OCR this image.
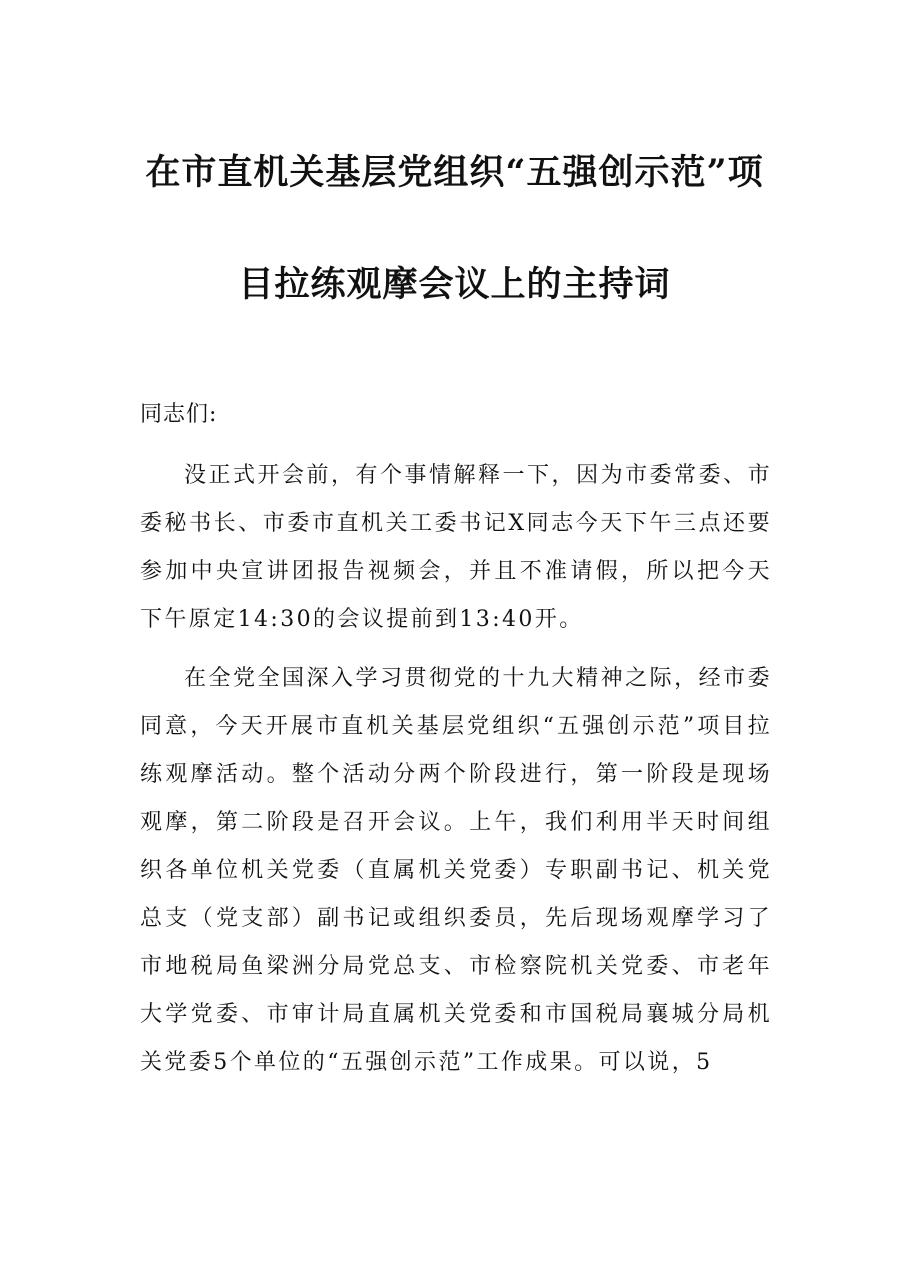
在市直机关基层党组织“五强创示范”项
目拉练观摩会议上的主持词
同志们:

没正式开会前，有个事情解释一下，因为市委常委、市委秘书长、市委市直机关工委书记X同志今天下午三点还要参加中央宣讲团报告视频会，并且不准请假，所以把今天下午原定14:30的会议提前到13:40开。

在全党全国深入学习贯彻党的十九大精神之际，经市委同意，今天开展市直机关基层党组织“五强创示范”项目拉练观摩活动。整个活动分两个阶段进行，第一阶段是现场观摩，第二阶段是召开会议。上午，我们利用半天时间组织各单位机关党委（直属机关党委）专职副书记、机关党总支（党支部）副书记或组织委员，先后现场观摩学习了市地税局鱼梁洲分局党总支、市检察院机关党委、市老年大学党委、市审计局直属机关党委和市国税局襄城分局机关党委5个单位的“五强创示范”工作成果。可以说，5
